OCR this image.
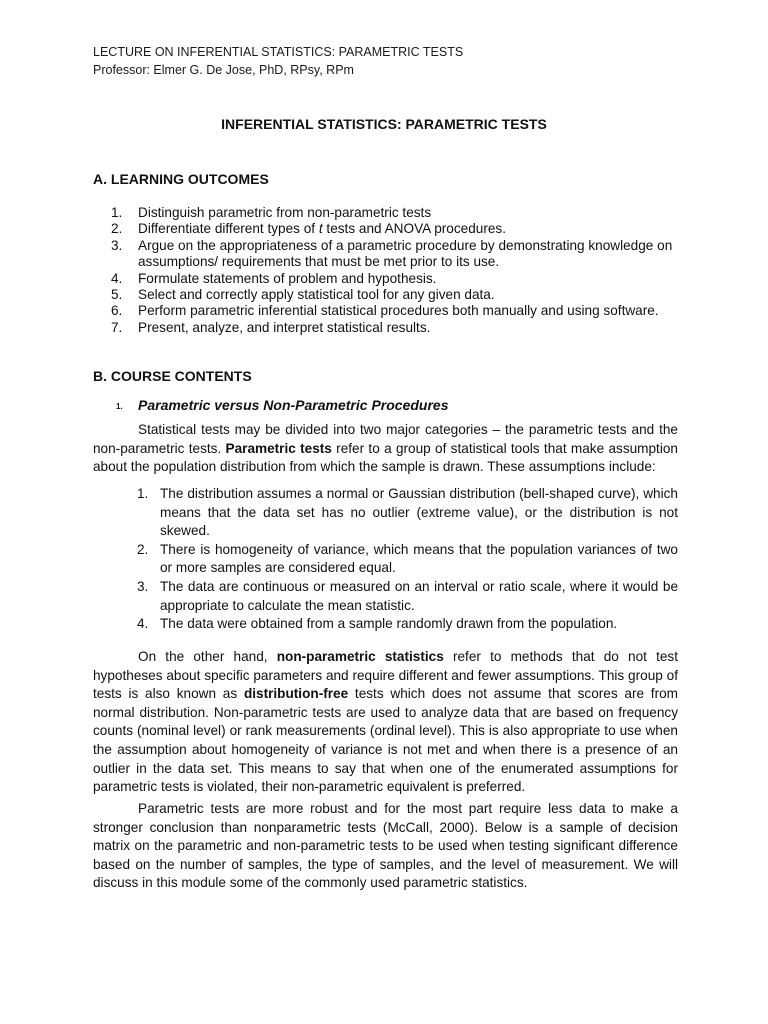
LECTURE ON INFERENTIAL STATISTICS: PARAMETRIC TESTS
Professor: Elmer G. De Jose, PhD, RPsy, RPm
INFERENTIAL STATISTICS: PARAMETRIC TESTS
A. LEARNING OUTCOMES
1. Distinguish parametric from non-parametric tests
2. Differentiate different types of t tests and ANOVA procedures.
3. Argue on the appropriateness of a parametric procedure by demonstrating knowledge on assumptions/ requirements that must be met prior to its use.
4. Formulate statements of problem and hypothesis.
5. Select and correctly apply statistical tool for any given data.
6. Perform parametric inferential statistical procedures both manually and using software.
7. Present, analyze, and interpret statistical results.
B. COURSE CONTENTS
1. Parametric versus Non-Parametric Procedures

Statistical tests may be divided into two major categories – the parametric tests and the non-parametric tests. Parametric tests refer to a group of statistical tools that make assumption about the population distribution from which the sample is drawn. These assumptions include:

1. The distribution assumes a normal or Gaussian distribution (bell-shaped curve), which means that the data set has no outlier (extreme value), or the distribution is not skewed.
2. There is homogeneity of variance, which means that the population variances of two or more samples are considered equal.
3. The data are continuous or measured on an interval or ratio scale, where it would be appropriate to calculate the mean statistic.
4. The data were obtained from a sample randomly drawn from the population.

On the other hand, non-parametric statistics refer to methods that do not test hypotheses about specific parameters and require different and fewer assumptions. This group of tests is also known as distribution-free tests which does not assume that scores are from normal distribution. Non-parametric tests are used to analyze data that are based on frequency counts (nominal level) or rank measurements (ordinal level). This is also appropriate to use when the assumption about homogeneity of variance is not met and when there is a presence of an outlier in the data set. This means to say that when one of the enumerated assumptions for parametric tests is violated, their non-parametric equivalent is preferred.

Parametric tests are more robust and for the most part require less data to make a stronger conclusion than nonparametric tests (McCall, 2000). Below is a sample of decision matrix on the parametric and non-parametric tests to be used when testing significant difference based on the number of samples, the type of samples, and the level of measurement. We will discuss in this module some of the commonly used parametric statistics.
